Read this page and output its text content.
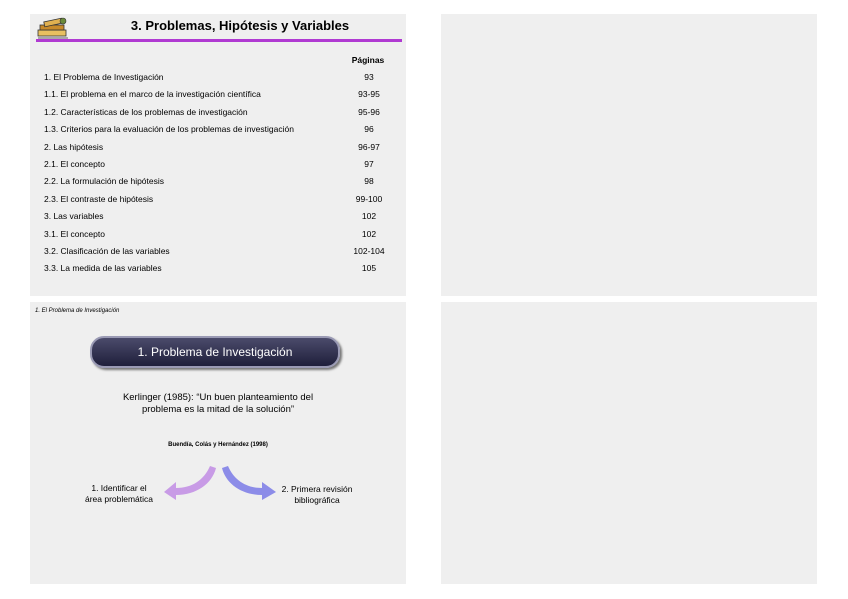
3. Problemas, Hipótesis y Variables
Páginas
1. El Problema de Investigación	93
1.1. El problema en el marco de la investigación científica	93-95
1.2. Características de los problemas de investigación	95-96
1.3. Criterios para la evaluación de los problemas de investigación	96
2. Las hipótesis	96-97
2.1. El concepto	97
2.2. La formulación de hipótesis	98
2.3. El contraste de hipótesis	99-100
3. Las variables	102
3.1. El concepto	102
3.2. Clasificación de las variables	102-104
3.3. La medida de las variables	105
1. El Problema de Investigación
1. Problema de Investigación
Kerlinger (1985): “Un buen planteamiento del
problema es la mitad de la solución”
Buendía, Colás y Hernández (1998)
1. Identificar el
área problemática
2. Primera revisión
bibliográfica
